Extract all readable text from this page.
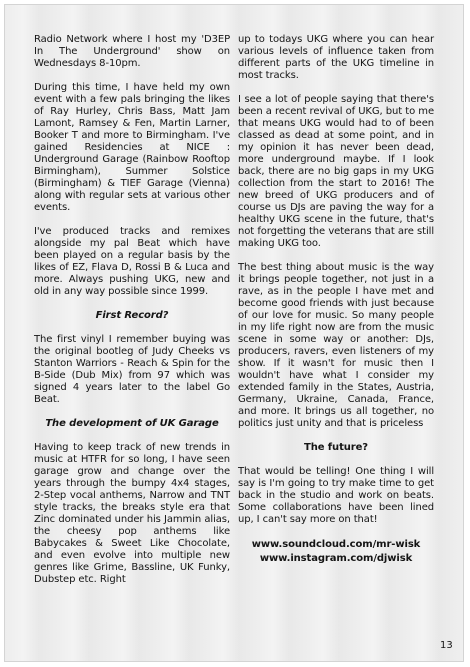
Radio Network where I host my 'D3EP In The Underground' show on Wednesdays 8-10pm.

During this time, I have held my own event with a few pals bringing the likes of Ray Hurley, Chris Bass, Matt Jam Lamont, Ramsey & Fen, Martin Larner, Booker T and more to Birmingham. I've gained Residencies at NICE : Underground Garage (Rainbow Rooftop Birmingham), Summer Solstice (Birmingham) & TIEF Garage (Vienna) along with regular sets at various other events.

I've produced tracks and remixes alongside my pal Beat which have been played on a regular basis by the likes of EZ, Flava D, Rossi B & Luca and more. Always pushing UKG, new and old in any way possible since 1999.

First Record?

The first vinyl I remember buying was the original bootleg of Judy Cheeks vs Stanton Warriors - Reach & Spin for the B-Side (Dub Mix) from 97 which was signed 4 years later to the label Go Beat.

The development of UK Garage

Having to keep track of new trends in music at HTFR for so long, I have seen garage grow and change over the years through the bumpy 4x4 stages, 2-Step vocal anthems, Narrow and TNT style tracks, the breaks style era that Zinc dominated under his Jammin alias, the cheesy pop anthems like Babycakes & Sweet Like Chocolate, and even evolve into multiple new genres like Grime, Bassline, UK Funky, Dubstep etc. Right

up to todays UKG where you can hear various levels of influence taken from different parts of the UKG timeline in most tracks.

I see a lot of people saying that there's been a recent revival of UKG, but to me that means UKG would had to of been classed as dead at some point, and in my opinion it has never been dead, more underground maybe. If I look back, there are no big gaps in my UKG collection from the start to 2016! The new breed of UKG producers and of course us DJs are paving the way for a healthy UKG scene in the future, that's not forgetting the veterans that are still making UKG too.

The best thing about music is the way it brings people together, not just in a rave, as in the people I have met and become good friends with just because of our love for music. So many people in my life right now are from the music scene in some way or another: DJs, producers, ravers, even listeners of my show. If it wasn't for music then I wouldn't have what I consider my extended family in the States, Austria, Germany, Ukraine, Canada, France, and more. It brings us all together, no politics just unity and that is priceless

The future?

That would be telling! One thing I will say is I'm going to try make time to get back in the studio and work on beats. Some collaborations have been lined up, I can't say more on that!

www.soundcloud.com/mr-wisk
www.instagram.com/djwisk
13
